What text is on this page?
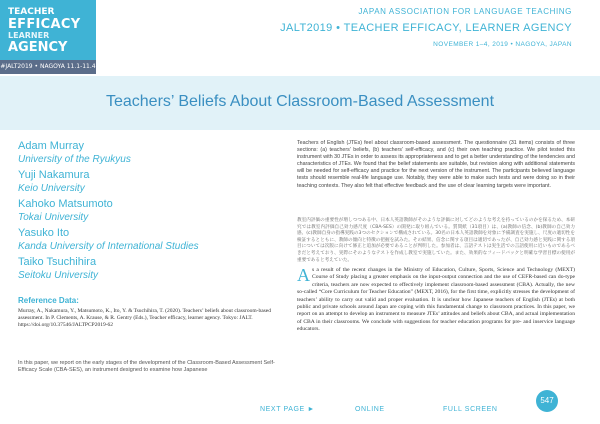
TEACHER
EFFICACY
LEARNER
AGENCY
#JALT2019 • NAGOYA 11.1-11.4
JAPAN ASSOCIATION FOR LANGUAGE TEACHING
JALT2019 • TEACHER EFFICACY, LEARNER AGENCY
NOVEMBER 1–4, 2019 • NAGOYA, JAPAN
Teachers’ Beliefs About Classroom-Based Assessment
Adam Murray
University of the Ryukyus
Yuji Nakamura
Keio University
Kahoko Matsumoto
Tokai University
Yasuko Ito
Kanda University of International Studies
Taiko Tsuchihira
Seitoku University
Reference Data:
Murray, A., Nakamura, Y., Matsumoto, K., Ito, Y. & Tsuchihira, T. (2020). Teachers’ beliefs about classroom-based assessment. In P. Clements, A. Krause, & R. Gentry (Eds.), Teacher efficacy, learner agency. Tokyo: JALT. https://doi.org/10.37546/JALTPCP2019-62
In this paper, we report on the early stages of the development of the Classroom-Based Assessment Self-Efficacy Scale (CBA-SES), an instrument designed to examine how Japanese
Teachers of English (JTEs) feel about classroom-based assessment. The questionnaire (31 items) consists of three sections: (a) teachers’ beliefs, (b) teachers’ self-efficacy, and (c) their own teaching practice. We pilot tested this instrument with 30 JTEs in order to assess its appropriateness and to get a better understanding of the tendencies and characteristics of JTEs. We found that the belief statements are suitable, but revision along with additional statements will be needed for self-efficacy and practice for the next version of the instrument. The participants believed language tests should resemble real-life language use. Notably, they were able to make such tests and were doing so in their teaching contexts. They also felt that effective feedback and the use of clear learning targets were important.
教室内評価の重要性が増しつつある中、日本人英語教師がそのような評価に対してどのような考えを持っているのかを探るため、本研究では教室内評価自己効力感尺度（CBA-SES）の開発に取り組んでいる。質問紙（31項目）は、(a)教師の信念、(b)教師の自己効力感、(c)教師自身の指導実践の3つのセクションで構成されている。30名の日本人英語教師を対象に予備調査を実施し、尺度の適切性を検証するとともに、教師の傾向と特徴の把握を試みた。その結果、信念に関する項目は適切であったが、自己効力感と実践に関する項目については次版に向けて修正と追加が必要であることが判明した。参加者は、言語テストは実生活での言語使用に近いものであるべきだと考えており、実際にそのようなテストを作成し教室で実施していた。また、効果的なフィードバックと明確な学習目標の使用が重要であると考えていた。
As a result of the recent changes in the Ministry of Education, Culture, Sports, Science and Technology (MEXT) Course of Study placing a greater emphasis on the input-output connection and the use of CEFR-based can do-type criteria, teachers are now expected to effectively implement classroom-based assessment (CBA). Actually, the new so-called “Core Curriculum for Teacher Education” (MEXT, 2016), for the first time, explicitly stresses the development of teachers’ ability to carry out valid and proper evaluation. It is unclear how Japanese teachers of English (JTEs) at both public and private schools around Japan are coping with this fundamental change to classroom practices. In this paper, we report on an attempt to develop an instrument to measure JTEs’ attitudes and beliefs about CBA, and actual implementation of CBA in their classrooms. We conclude with suggestions for teacher education programs for pre- and inservice language educators.
NEXT PAGE ►	ONLINE	FULL SCREEN
547
